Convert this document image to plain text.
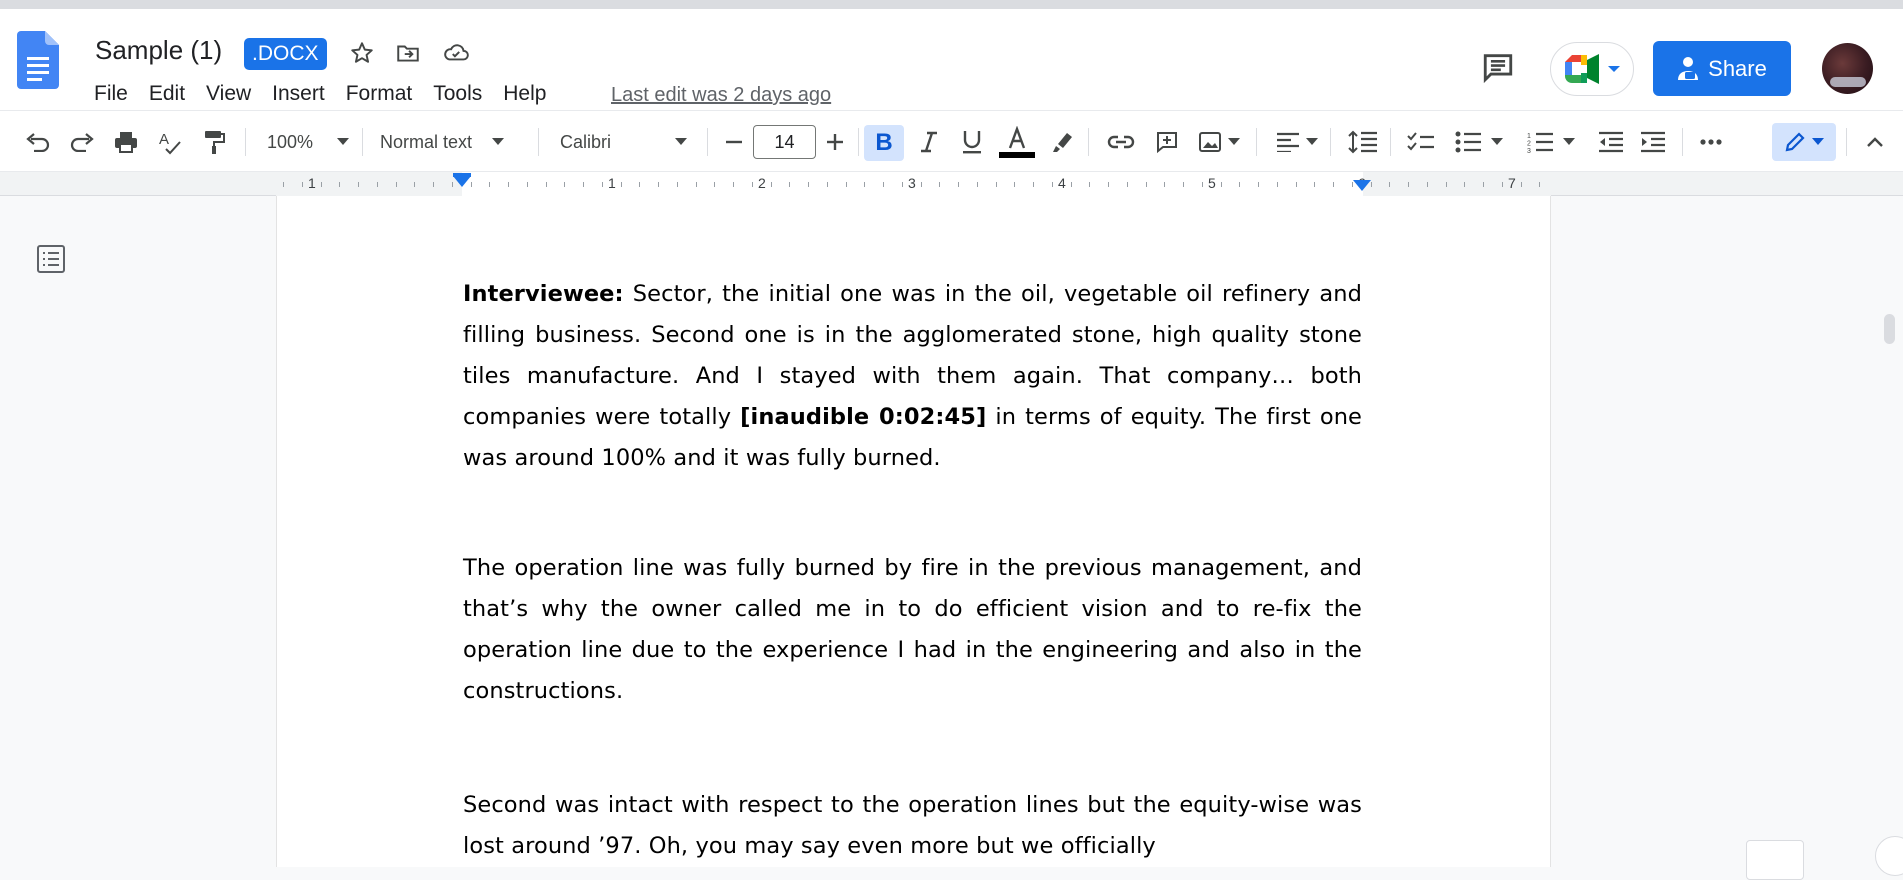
Sample (1)	.DOCX
File Edit View Insert Format Tools Help	Last edit was 2 days ago
Share
A	100%	Normal text	Calibri	14	B	1
2
3
1	1	2	3	4	5	6	7
Interviewee: Sector, the initial one was in the oil, vegetable oil refinery and filling business. Second one is in the agglomerated stone, high quality stone tiles manufacture. And I stayed with them again. That company… both companies were totally [inaudible 0:02:45] in terms of equity. The first one was around 100% and it was fully burned.
The operation line was fully burned by fire in the previous management, and that’s why the owner called me in to do efficient vision and to re-fix the operation line due to the experience I had in the engineering and also in the constructions.
Second was intact with respect to the operation lines but the equity-wise was lost around ’97. Oh, you may say even more but we officially
